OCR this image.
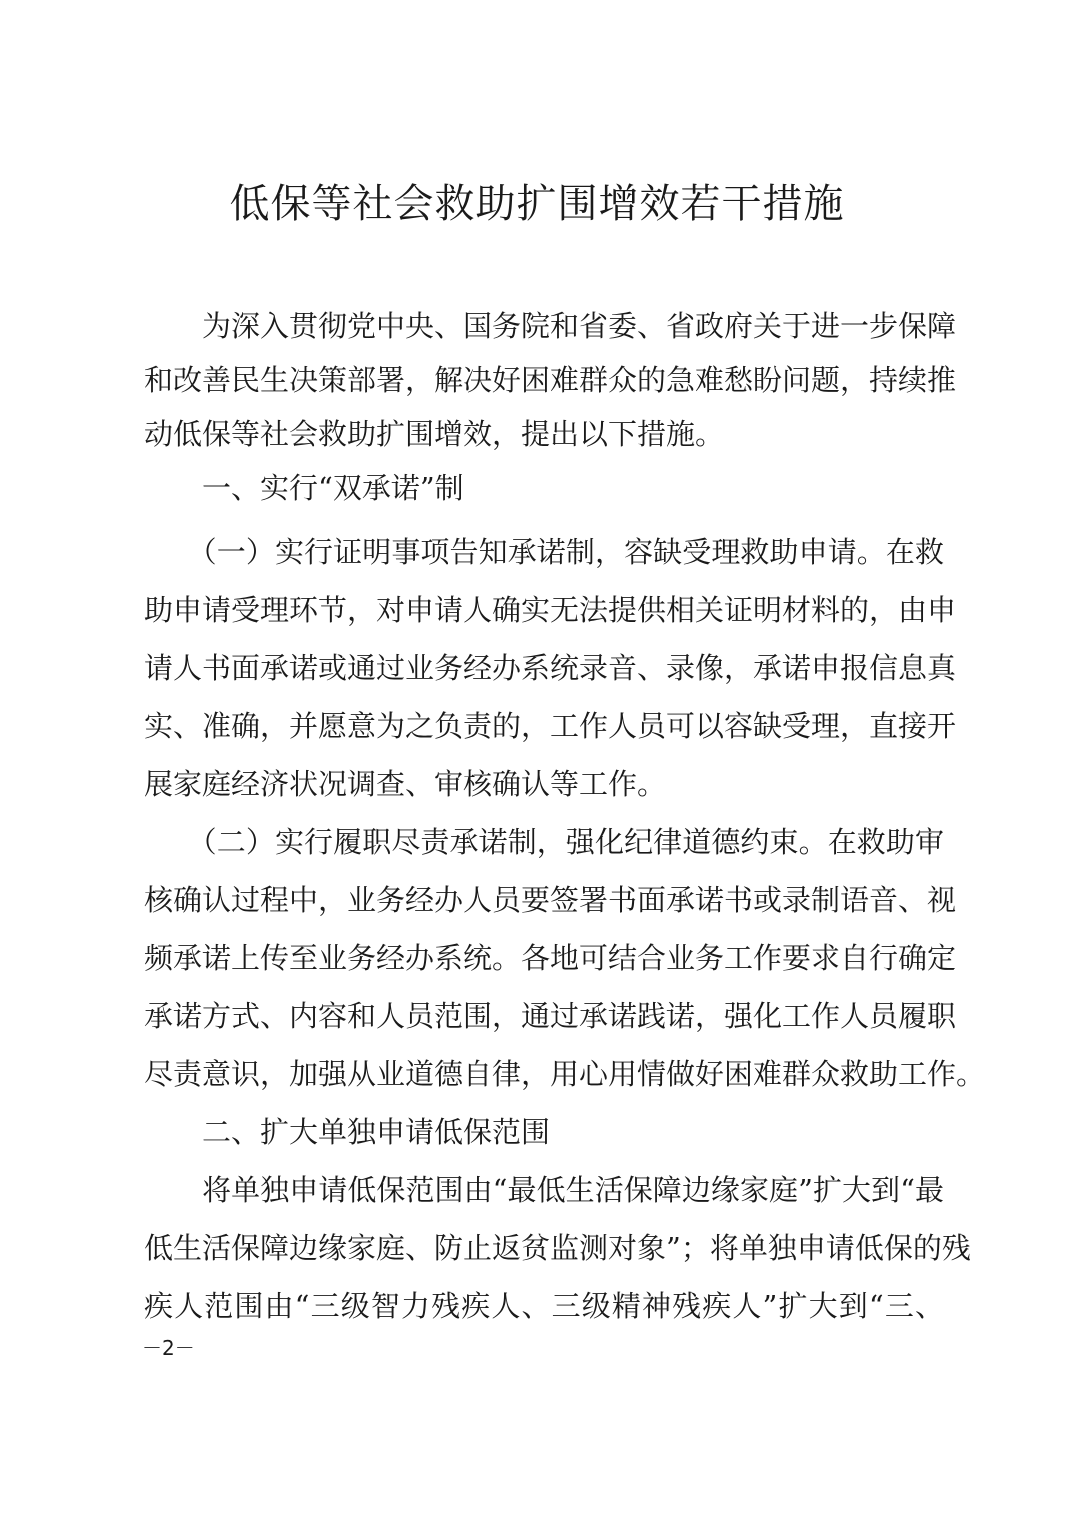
低保等社会救助扩围增效若干措施
　　为深入贯彻党中央、国务院和省委、省政府关于进一步保障
和改善民生决策部署，解决好困难群众的急难愁盼问题，持续推
动低保等社会救助扩围增效，提出以下措施。
　　一、实行“双承诺”制
　　（一）实行证明事项告知承诺制，容缺受理救助申请。在救
助申请受理环节，对申请人确实无法提供相关证明材料的，由申
请人书面承诺或通过业务经办系统录音、录像，承诺申报信息真
实、准确，并愿意为之负责的，工作人员可以容缺受理，直接开
展家庭经济状况调查、审核确认等工作。
　　（二）实行履职尽责承诺制，强化纪律道德约束。在救助审
核确认过程中，业务经办人员要签署书面承诺书或录制语音、视
频承诺上传至业务经办系统。各地可结合业务工作要求自行确定
承诺方式、内容和人员范围，通过承诺践诺，强化工作人员履职
尽责意识，加强从业道德自律，用心用情做好困难群众救助工作。
　　二、扩大单独申请低保范围
　　将单独申请低保范围由“最低生活保障边缘家庭”扩大到“最
低生活保障边缘家庭、防止返贫监测对象”；将单独申请低保的残
疾人范围由“三级智力残疾人、三级精神残疾人”扩大到“三、
－2－
